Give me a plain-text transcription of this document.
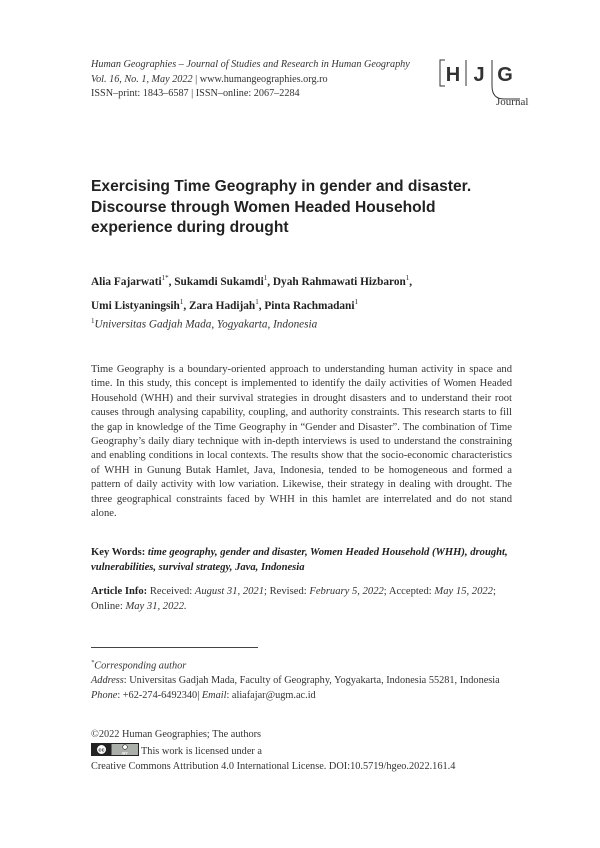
Human Geographies – Journal of Studies and Research in Human Geography
Vol. 16, No. 1, May 2022 | www.humangeographies.org.ro
ISSN–print: 1843–6587 | ISSN–online: 2067–2284
H J G
Journal
Exercising Time Geography in gender and disaster. Discourse through Women Headed Household experience during drought
Alia Fajarwati$^{1*}$, Sukamdi Sukamdi$^1$, Dyah Rahmawati Hizbaron$^1$,
Umi Listyaningsih$^1$, Zara Hadijah$^1$, Pinta Rachmadani$^1$
$^1$Universitas Gadjah Mada, Yogyakarta, Indonesia

Time Geography is a boundary-oriented approach to understanding human activity in space and time. In this study, this concept is implemented to identify the daily activities of Women Headed Household (WHH) and their survival strategies in drought disasters and to understand their root causes through analysing capability, coupling, and authority constraints. This research starts to fill the gap in knowledge of the Time Geography in “Gender and Disaster”. The combination of Time Geography’s daily diary technique with in-depth interviews is used to understand the constraining and enabling conditions in local contexts. The results show that the socio-economic characteristics of WHH in Gunung Butak Hamlet, Java, Indonesia, tended to be homogeneous and formed a pattern of daily activity with low variation. Likewise, their strategy in dealing with drought. The three geographical constraints faced by WHH in this hamlet are interrelated and do not stand alone.

Key Words: time geography, gender and disaster, Women Headed Household (WHH), drought, vulnerabilities, survival strategy, Java, Indonesia
Article Info: Received: August 31, 2021; Revised: February 5, 2022; Accepted: May 15, 2022; Online: May 31, 2022.
*Corresponding author
Address: Universitas Gadjah Mada, Faculty of Geography, Yogyakarta, Indonesia 55281, Indonesia
Phone: +62-274-6492340| Email: aliafajar@ugm.ac.id
©2022 Human Geographies; The authors
cc	BY This work is licensed under a
Creative Commons Attribution 4.0 International License. DOI:10.5719/hgeo.2022.161.4
